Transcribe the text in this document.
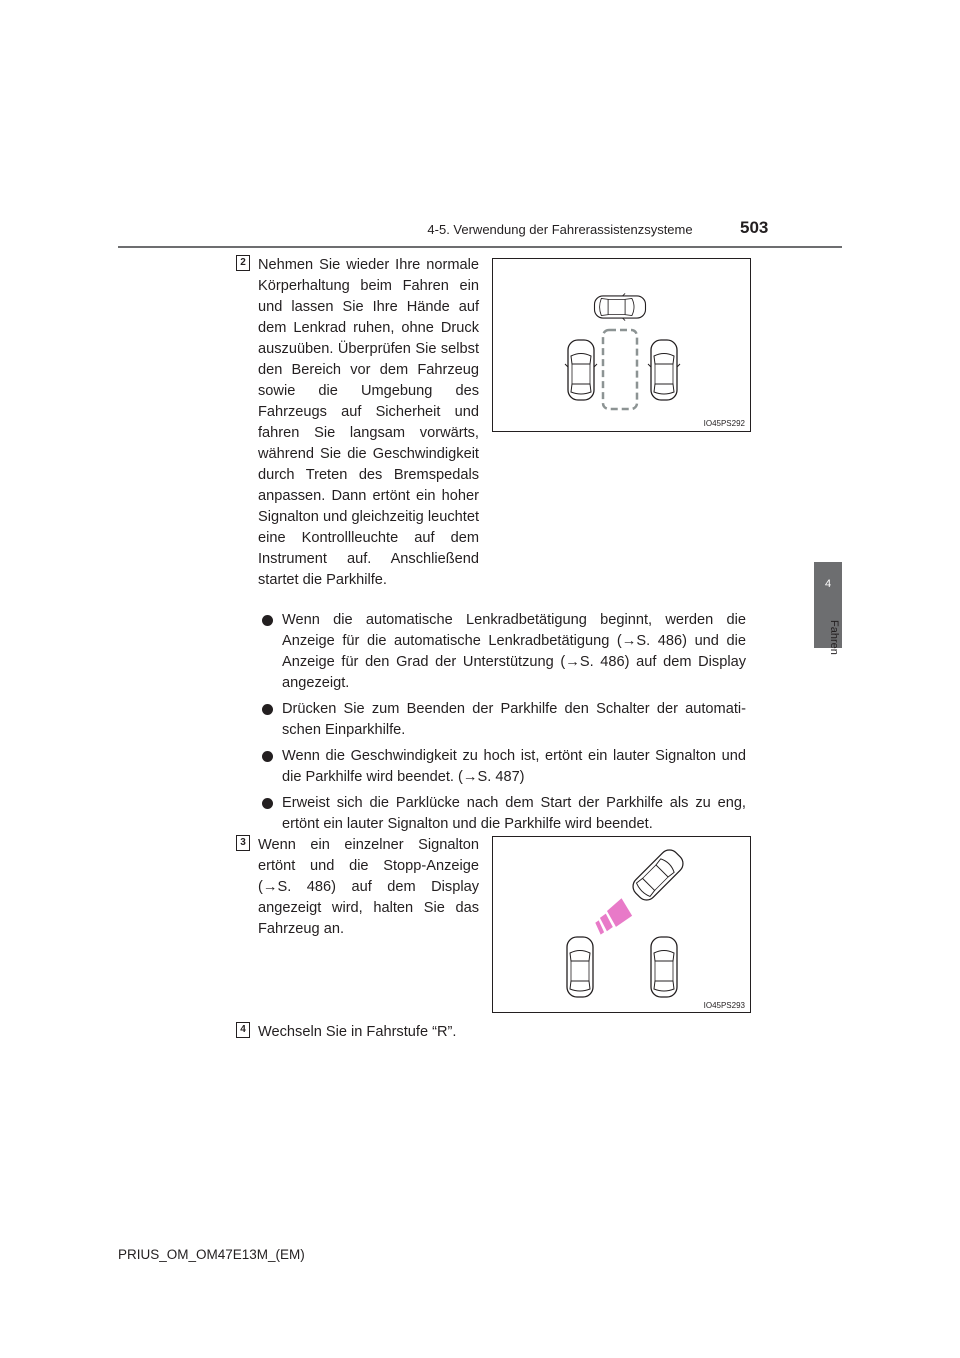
4-5. Verwendung der Fahrerassistenzsysteme	503
4
Fahren
2 Nehmen Sie wieder Ihre normale Körperhaltung beim Fahren ein und lassen Sie Ihre Hände auf dem Lenkrad ruhen, ohne Druck auszuüben. Überprüfen Sie selbst den Bereich vor dem Fahrzeug sowie die Umgebung des Fahrzeugs auf Sicherheit und fahren Sie langsam vorwärts, während Sie die Geschwindigkeit durch Treten des Bremspedals anpassen. Dann ertönt ein hoher Signalton und gleichzeitig leuchtet eine Kontrollleuchte auf dem Instrument auf. Anschließend startet die Parkhilfe.
IO45PS292
Wenn die automatische Lenkradbetätigung beginnt, werden die Anzeige für die automatische Lenkradbetätigung (→S. 486) und die Anzeige für den Grad der Unterstützung (→S. 486) auf dem Display angezeigt.
Drücken Sie zum Beenden der Parkhilfe den Schalter der automatischen Einparkhilfe.
Wenn die Geschwindigkeit zu hoch ist, ertönt ein lauter Signalton und die Parkhilfe wird beendet. (→S. 487)
Erweist sich die Parklücke nach dem Start der Parkhilfe als zu eng, ertönt ein lauter Signalton und die Parkhilfe wird beendet.
3 Wenn ein einzelner Signalton ertönt und die Stopp-Anzeige (→S. 486) auf dem Display angezeigt wird, halten Sie das Fahrzeug an.
IO45PS293
4 Wechseln Sie in Fahrstufe “R”.
PRIUS_OM_OM47E13M_(EM)
